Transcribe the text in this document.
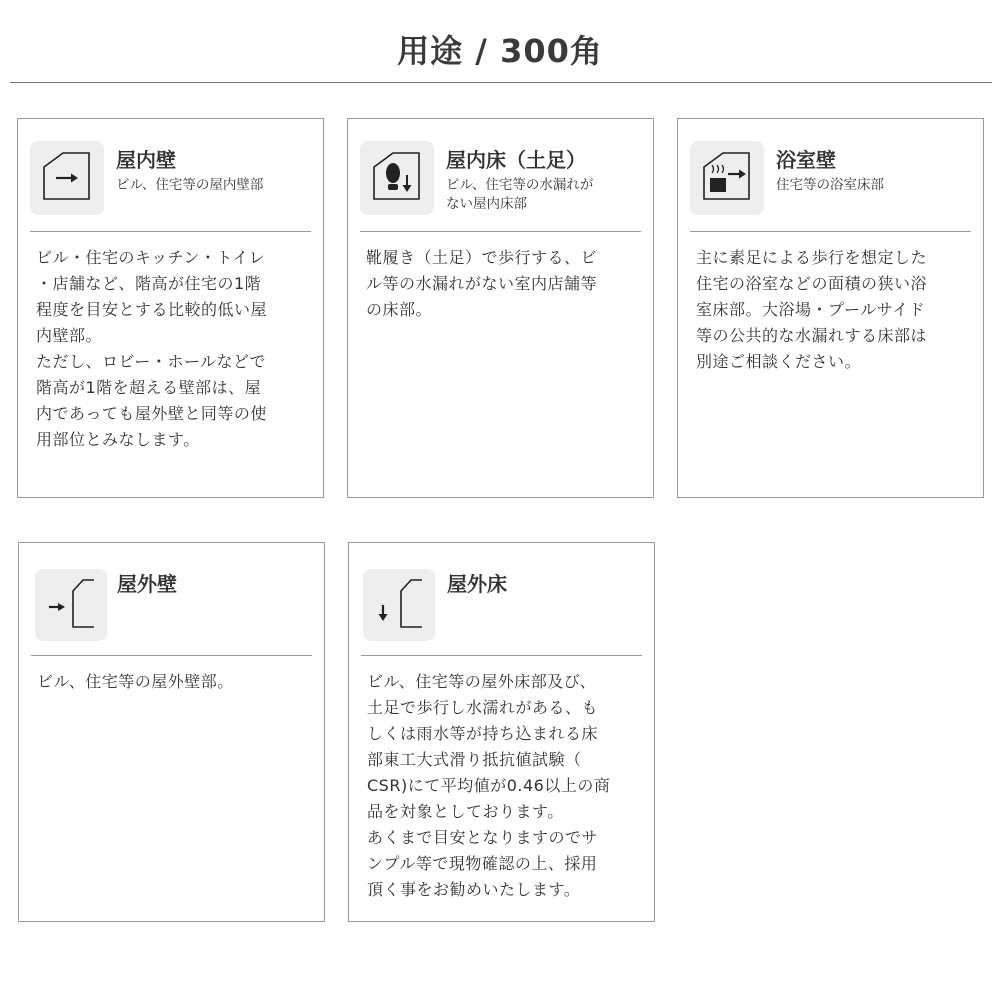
用途 / 300角
屋内壁
ビル、住宅等の屋内壁部

ビル・住宅のキッチン・トイレ

・店舗など、階高が住宅の1階

程度を目安とする比較的低い屋

内壁部。

ただし、ロビー・ホールなどで

階高が1階を超える壁部は、屋

内であっても屋外壁と同等の使

用部位とみなします。

屋内床（土足）
ビル、住宅等の水漏れが
ない屋内床部

靴履き（土足）で歩行する、ビ

ル等の水漏れがない室内店舗等

の床部。

浴室壁
住宅等の浴室床部

主に素足による歩行を想定した

住宅の浴室などの面積の狭い浴

室床部。大浴場・プールサイド

等の公共的な水漏れする床部は

別途ご相談ください。

屋外壁

ビル、住宅等の屋外壁部。

屋外床

ビル、住宅等の屋外床部及び、

土足で歩行し水濡れがある、も

しくは雨水等が持ち込まれる床

部東工大式滑り抵抗値試験（

CSR)にて平均値が0.46以上の商

品を対象としております。

あくまで目安となりますのでサ

ンプル等で現物確認の上、採用

頂く事をお勧めいたします。
